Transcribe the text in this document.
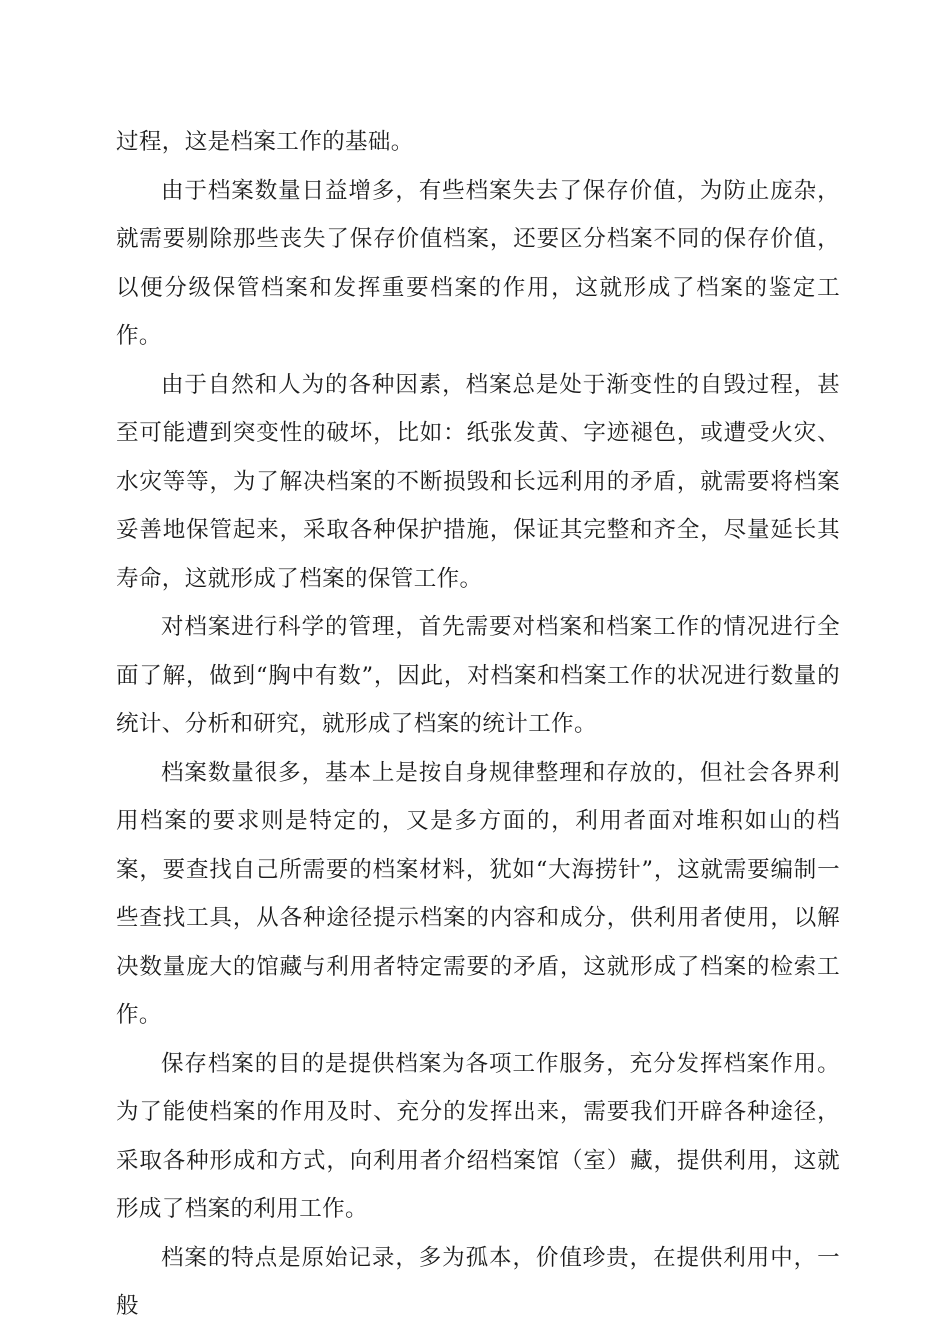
过程，这是档案工作的基础。

由于档案数量日益增多，有些档案失去了保存价值，为防止庞杂，就需要剔除那些丧失了保存价值档案，还要区分档案不同的保存价值，以便分级保管档案和发挥重要档案的作用，这就形成了档案的鉴定工作。

由于自然和人为的各种因素，档案总是处于渐变性的自毁过程，甚至可能遭到突变性的破坏，比如：纸张发黄、字迹褪色，或遭受火灾、水灾等等，为了解决档案的不断损毁和长远利用的矛盾，就需要将档案妥善地保管起来，采取各种保护措施，保证其完整和齐全，尽量延长其寿命，这就形成了档案的保管工作。

对档案进行科学的管理，首先需要对档案和档案工作的情况进行全面了解，做到“胸中有数”，因此，对档案和档案工作的状况进行数量的统计、分析和研究，就形成了档案的统计工作。

档案数量很多，基本上是按自身规律整理和存放的，但社会各界利用档案的要求则是特定的，又是多方面的，利用者面对堆积如山的档案，要查找自己所需要的档案材料，犹如“大海捞针”，这就需要编制一些查找工具，从各种途径提示档案的内容和成分，供利用者使用，以解决数量庞大的馆藏与利用者特定需要的矛盾，这就形成了档案的检索工作。

保存档案的目的是提供档案为各项工作服务，充分发挥档案作用。为了能使档案的作用及时、充分的发挥出来，需要我们开辟各种途径，采取各种形成和方式，向利用者介绍档案馆（室）藏，提供利用，这就形成了档案的利用工作。

档案的特点是原始记录，多为孤本，价值珍贵，在提供利用中，一般
